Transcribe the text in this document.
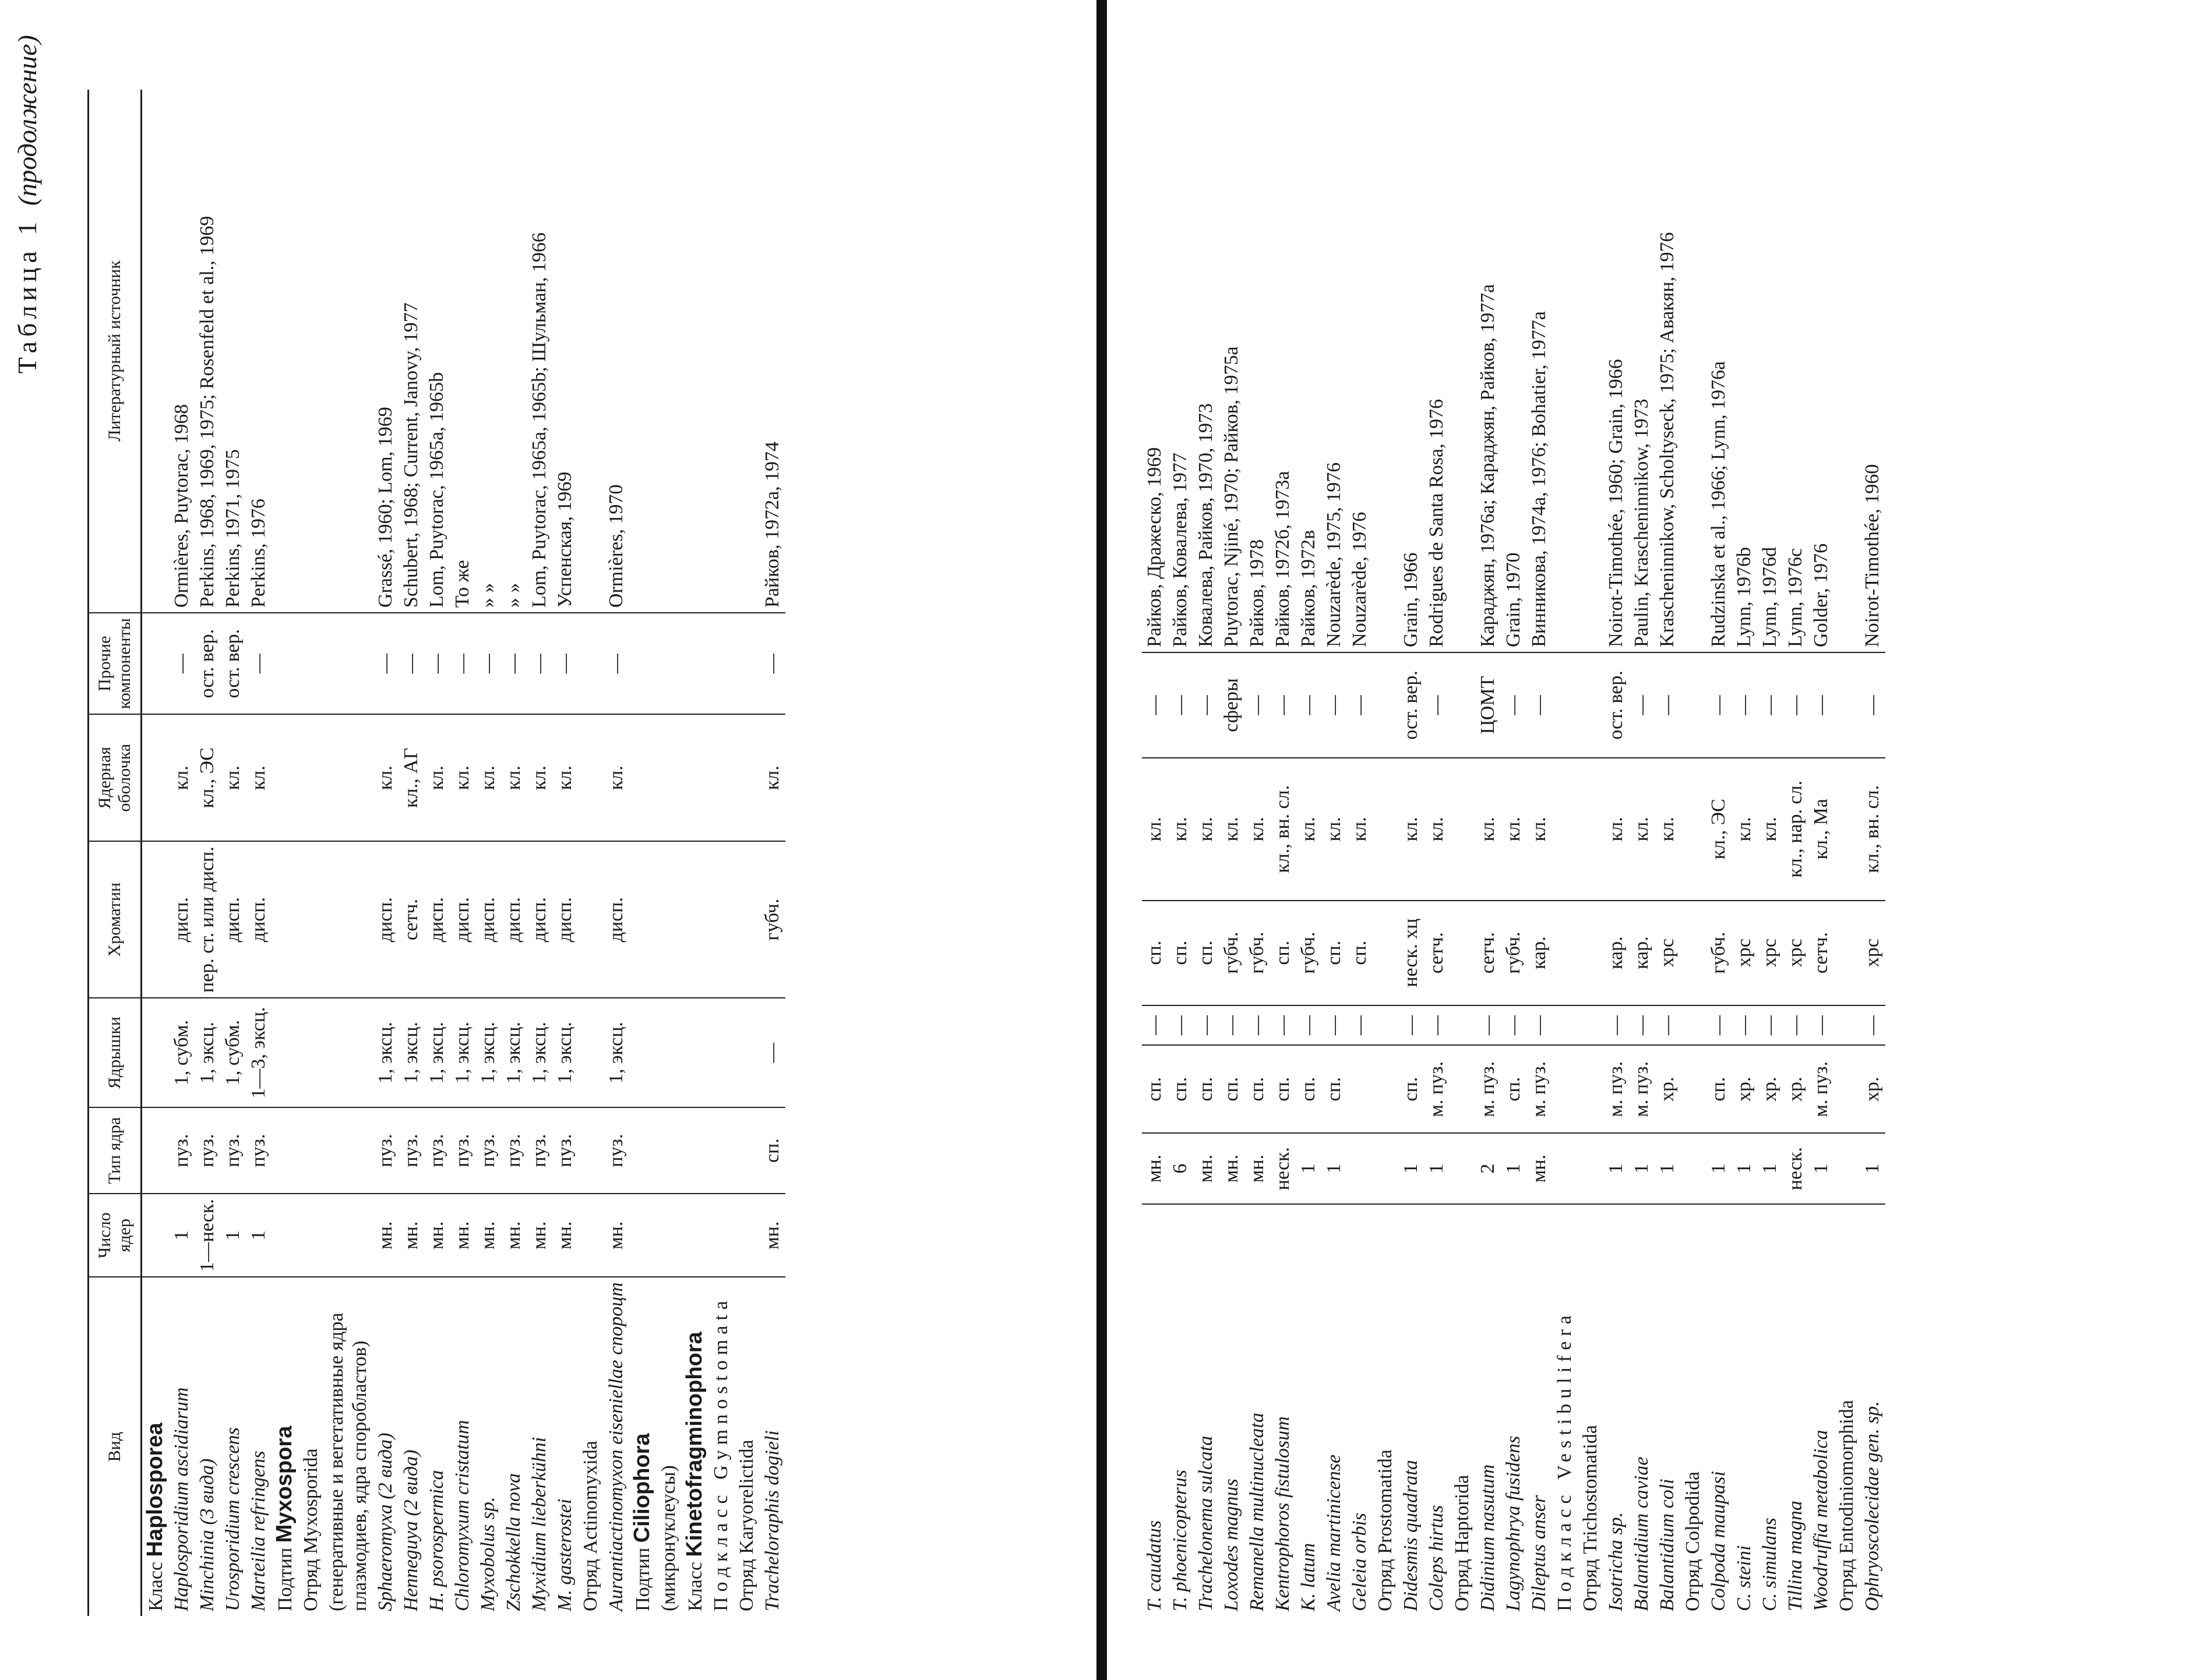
Таблица 1 (продолжение)
Вид	Число ядер	Тип ядра	Ядрышки	Хроматин	Ядерная оболочка	Прочие компоненты	Литературный источник
Класс Haplosporea							
Haplosporidium ascidiarum	1	пуз.	1, субм.	дисп.	кл.	—	Ormières, Puytorac, 1968
Minchinia (3 вида)	1—неск.	пуз.	1, эксц.	пер. ст. или дисп.	кл., ЭС	ост. вер.	Perkins, 1968, 1969, 1975; Rosenfeld et al., 1969
Urosporidium crescens	1	пуз.	1, субм.	дисп.	кл.	ост. вер.	Perkins, 1971, 1975
Marteilia refringens	1	пуз.	1—3, эксц.	дисп.	кл.	—	Perkins, 1976
Подтип Myxospora							
Отряд Myxosporida							
(генеративные и вегетативные ядра плазмодиев, ядра споробластов)							
Sphaeromyxa (2 вида)	мн.	пуз.	1, эксц.	дисп.	кл.	—	Grassé, 1960; Lom, 1969
Henneguya (2 вида)	мн.	пуз.	1, эксц.	сетч.	кл., АГ	—	Schubert, 1968; Current, Janovy, 1977
H. psorospermica	мн.	пуз.	1, эксц.	дисп.	кл.	—	Lom, Puytorac, 1965a, 1965b
Chloromyxum cristatum	мн.	пуз.	1, эксц.	дисп.	кл.	—	То же
Myxobolus sp.	мн.	пуз.	1, эксц.	дисп.	кл.	—	» »
Zschokkella nova	мн.	пуз.	1, эксц.	дисп.	кл.	—	» »
Myxidium lieberkühni	мн.	пуз.	1, эксц.	дисп.	кл.	—	Lom, Puytorac, 1965a, 1965b; Шульман, 1966
M. gasterostei	мн.	пуз.	1, эксц.	дисп.	кл.	—	Успенская, 1969
Отряд Actinomyxida							
Aurantiactinomyxon eiseniellae спороцт	мн.	пуз.	1, эксц.	дисп.	кл.	—	Ormières, 1970
Подтип Ciliophora							
(микронуклеусы)							
Класс Kinetofragminophora							
Подкласс Gymnostomata							
Отряд Karyorelictida							
Tracheloraphis dogieli	мн.	сп.	—	губч.	кл.	—	Райков, 1972а, 1974
T. caudatus	мн.	сп.	—	сп.	кл.	—	Райков, Дражеско, 1969
T. phoenicopterus	6	сп.	—	сп.	кл.	—	Райков, Ковалева, 1977
Trachelonema sulcata	мн.	сп.	—	сп.	кл.	—	Ковалева, Райков, 1970, 1973
Loxodes magnus	мн.	сп.	—	губч.	кл.	сферы	Puytorac, Njiné, 1970; Райков, 1975а
Remanella multinucleata	мн.	сп.	—	губч.	кл.	—	Райков, 1978
Kentrophoros fistulosum	неск.	сп.	—	сп.	кл., вн. сл.	—	Райков, 1972б, 1973а
K. latum	1	сп.	—	губч.	кл.	—	Райков, 1972в
Avelia martinicense	1	сп.	—	сп.	кл.	—	Nouzarède, 1975, 1976
Geleia orbis			—	сп.	кл.	—	Nouzarède, 1976
Отряд Prostomatida							
Didesmis quadrata	1	сп.	—	неск. хц	кл.	ост. вер.	Grain, 1966
Coleps hirtus	1	м. пуз.	—	сетч.	кл.	—	Rodrigues de Santa Rosa, 1976
Отряд Haptorida							
Didinium nasutum	2	м. пуз.	—	сетч.	кл.	ЦОМТ	Караджян, 1976а; Караджян, Райков, 1977а
Lagynophrya fusidens	1	сп.	—	губч.	кл.	—	Grain, 1970
Dileptus anser	мн.	м. пуз.	—	кар.	кл.	—	Винникова, 1974а, 1976; Bohatier, 1977а
Подкласс Vestibulifera							
Отряд Trichostomatida							
Isotricha sp.	1	м. пуз.	—	кар.	кл.	ост. вер.	Noirot-Timothée, 1960; Grain, 1966
Balantidium caviae	1	м. пуз.	—	кар.	кл.	—	Paulin, Krascheninnikow, 1973
Balantidium coli	1	хр.	—	хрс	кл.	—	Krascheninnikow, Scholtyseck, 1975; Авакян, 1976
Отряд Colpodida							
Colpoda maupasi	1	сп.	—	губч.	кл., ЭС	—	Rudzinska et al., 1966; Lynn, 1976а
C. steini	1	хр.	—	хрс	кл.	—	Lynn, 1976b
C. simulans	1	хр.	—	хрс	кл.	—	Lynn, 1976d
Tillina magna	неск.	хр.	—	хрс	кл., нар. сл.	—	Lynn, 1976с
Woodruffia metabolica	1	м. пуз.	—	сетч.	кл., Ма	—	Golder, 1976
Отряд Entodiniomorphida							
Ophryoscolecidae gen. sp.	1	хр.	—	хрс	кл., вн. сл.	—	Noirot-Timothée, 1960
